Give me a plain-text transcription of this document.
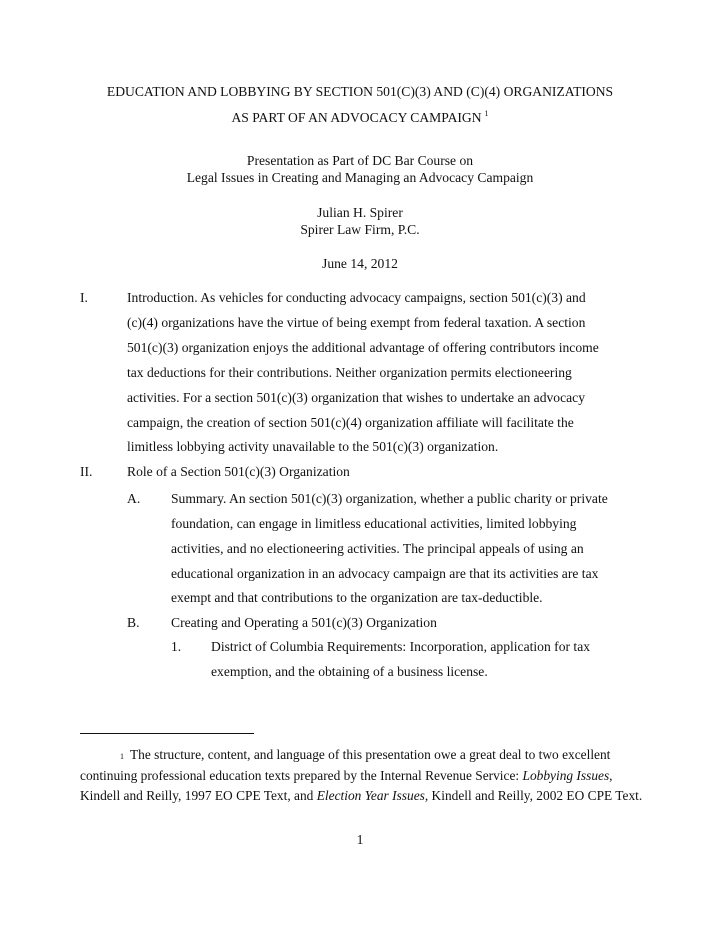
EDUCATION AND LOBBYING BY SECTION 501(C)(3) AND (C)(4) ORGANIZATIONS
AS PART OF AN ADVOCACY CAMPAIGN $^1$
Presentation as Part of DC Bar Course on
Legal Issues in Creating and Managing an Advocacy Campaign
Julian H. Spirer
Spirer Law Firm, P.C.
June 14, 2012
I.	Introduction. As vehicles for conducting advocacy campaigns, section 501(c)(3) and
(c)(4) organizations have the virtue of being exempt from federal taxation. A section
501(c)(3) organization enjoys the additional advantage of offering contributors income
tax deductions for their contributions. Neither organization permits electioneering
activities. For a section 501(c)(3) organization that wishes to undertake an advocacy
campaign, the creation of section 501(c)(4) organization affiliate will facilitate the
limitless lobbying activity unavailable to the 501(c)(3) organization.
II.	Role of a Section 501(c)(3) Organization
A. Summary. An section 501(c)(3) organization, whether a public charity or private
foundation, can engage in limitless educational activities, limited lobbying
activities, and no electioneering activities. The principal appeals of using an
educational organization in an advocacy campaign are that its activities are tax
exempt and that contributions to the organization are tax-deductible.
B. Creating and Operating a 501(c)(3) Organization
1. District of Columbia Requirements: Incorporation, application for tax
exemption, and the obtaining of a business license.

$^1$ The structure, content, and language of this presentation owe a great deal to two excellent continuing professional education texts prepared by the Internal Revenue Service: Lobbying Issues, Kindell and Reilly, 1997 EO CPE Text, and Election Year Issues, Kindell and Reilly, 2002 EO CPE Text.

1
